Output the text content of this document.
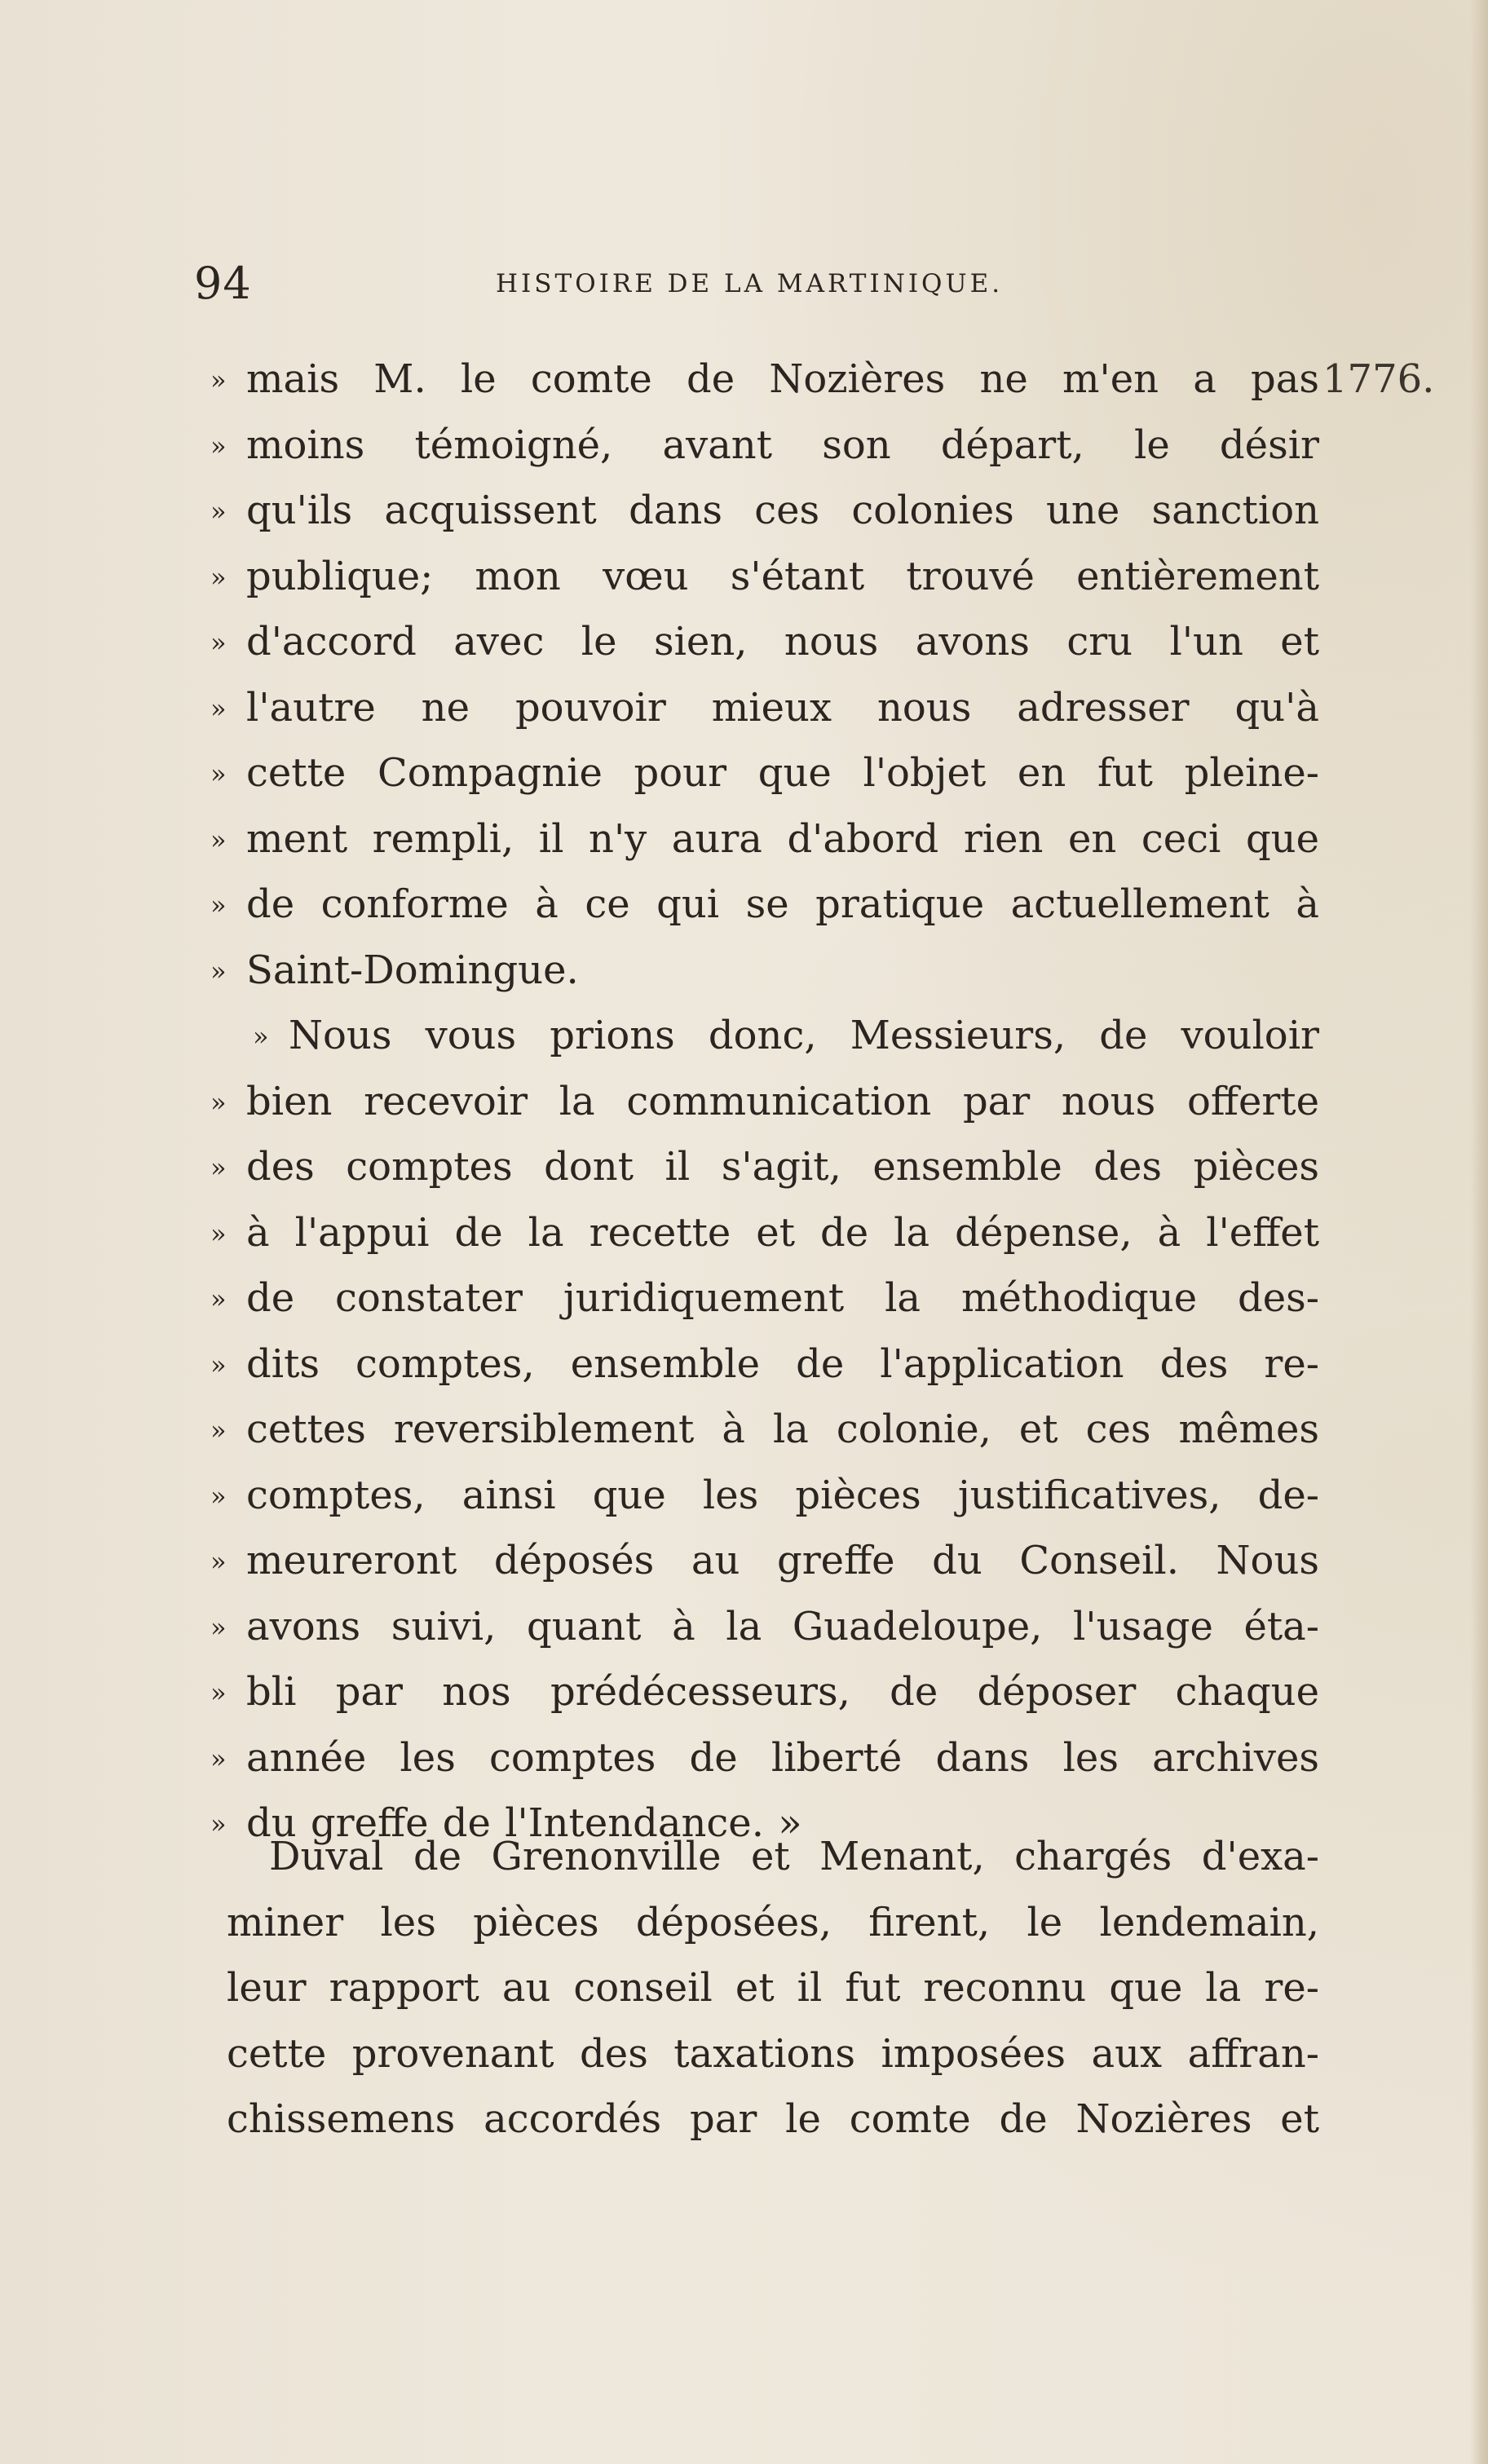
94	HISTOIRE DE LA MARTINIQUE.
1776.
» mais M. le comte de Nozières ne m'en a pas
» moins témoigné, avant son départ, le désir
» qu'ils acquissent dans ces colonies une sanction
» publique; mon vœu s'étant trouvé entièrement
» d'accord avec le sien, nous avons cru l'un et
» l'autre ne pouvoir mieux nous adresser qu'à
» cette Compagnie pour que l'objet en fut pleine-
» ment rempli, il n'y aura d'abord rien en ceci que
» de conforme à ce qui se pratique actuellement à
» Saint-Domingue.
» Nous vous prions donc, Messieurs, de vouloir
» bien recevoir la communication par nous offerte
» des comptes dont il s'agit, ensemble des pièces
» à l'appui de la recette et de la dépense, à l'effet
» de constater juridiquement la méthodique des-
» dits comptes, ensemble de l'application des re-
» cettes reversiblement à la colonie, et ces mêmes
» comptes, ainsi que les pièces justificatives, de-
» meureront déposés au greffe du Conseil. Nous
» avons suivi, quant à la Guadeloupe, l'usage éta-
» bli par nos prédécesseurs, de déposer chaque
» année les comptes de liberté dans les archives
» du greffe de l'Intendance. »
Duval de Grenonville et Menant, chargés d'exa-
miner les pièces déposées, firent, le lendemain,
leur rapport au conseil et il fut reconnu que la re-
cette provenant des taxations imposées aux affran-
chissemens accordés par le comte de Nozières et
